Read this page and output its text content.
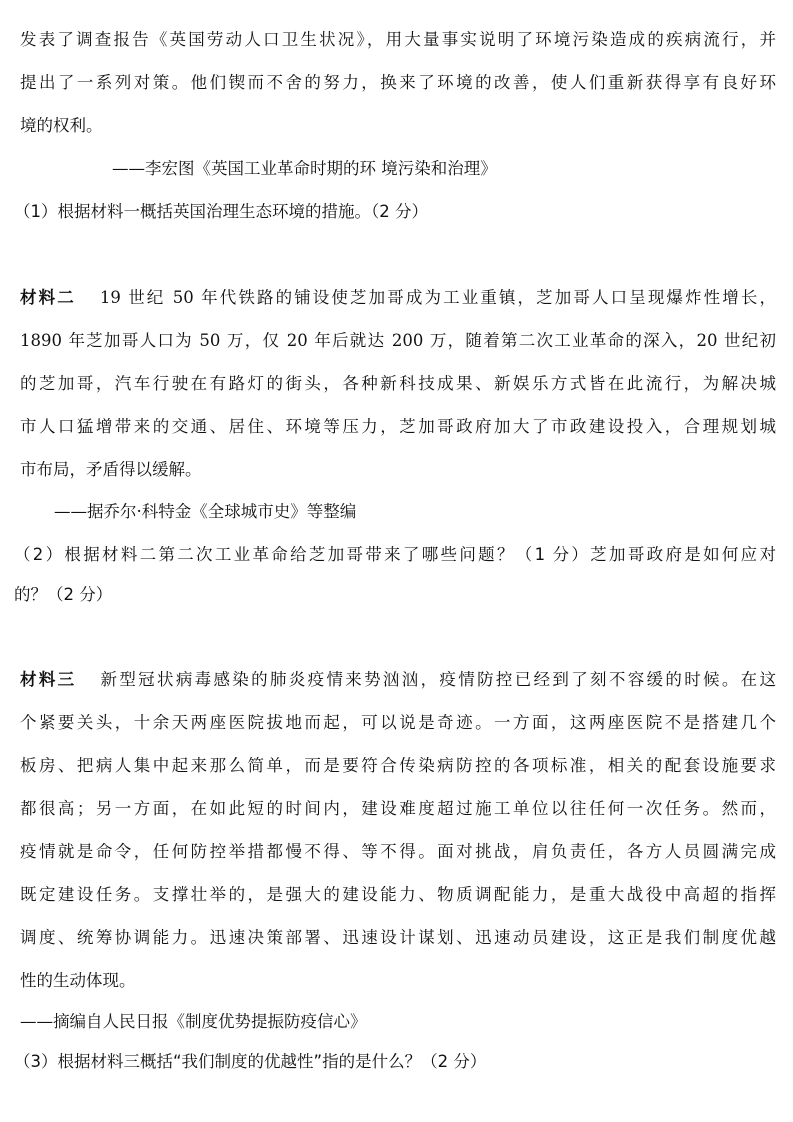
发表了调查报告《英国劳动人口卫生状况》，用大量事实说明了环境污染造成的疾病流行，并
提出了一系列对策。他们锲而不舍的努力，换来了环境的改善，使人们重新获得享有良好环
境的权利。
——李宏图《英国工业革命时期的环 境污染和治理》
（1）根据材料一概括英国治理生态环境的措施。（2 分）
材料二 19 世纪 50 年代铁路的铺设使芝加哥成为工业重镇，芝加哥人口呈现爆炸性增长，
1890 年芝加哥人口为 50 万，仅 20 年后就达 200 万，随着第二次工业革命的深入，20 世纪初
的芝加哥，汽车行驶在有路灯的街头，各种新科技成果、新娱乐方式皆在此流行，为解决城
市人口猛增带来的交通、居住、环境等压力，芝加哥政府加大了市政建设投入，合理规划城
市布局，矛盾得以缓解。
——据乔尔·科特金《全球城市史》等整编
（2）根据材料二第二次工业革命给芝加哥带来了哪些问题？（1 分）芝加哥政府是如何应对
的？（2 分）
材料三 新型冠状病毒感染的肺炎疫情来势汹汹，疫情防控已经到了刻不容缓的时候。在这
个紧要关头，十余天两座医院拔地而起，可以说是奇迹。一方面，这两座医院不是搭建几个
板房、把病人集中起来那么简单，而是要符合传染病防控的各项标准，相关的配套设施要求
都很高；另一方面，在如此短的时间内，建设难度超过施工单位以往任何一次任务。然而，
疫情就是命令，任何防控举措都慢不得、等不得。面对挑战，肩负责任，各方人员圆满完成
既定建设任务。支撑壮举的，是强大的建设能力、物质调配能力，是重大战役中高超的指挥
调度、统筹协调能力。迅速决策部署、迅速设计谋划、迅速动员建设，这正是我们制度优越
性的生动体现。
——摘编自人民日报《制度优势提振防疫信心》
（3）根据材料三概括“我们制度的优越性”指的是什么？（2 分）
